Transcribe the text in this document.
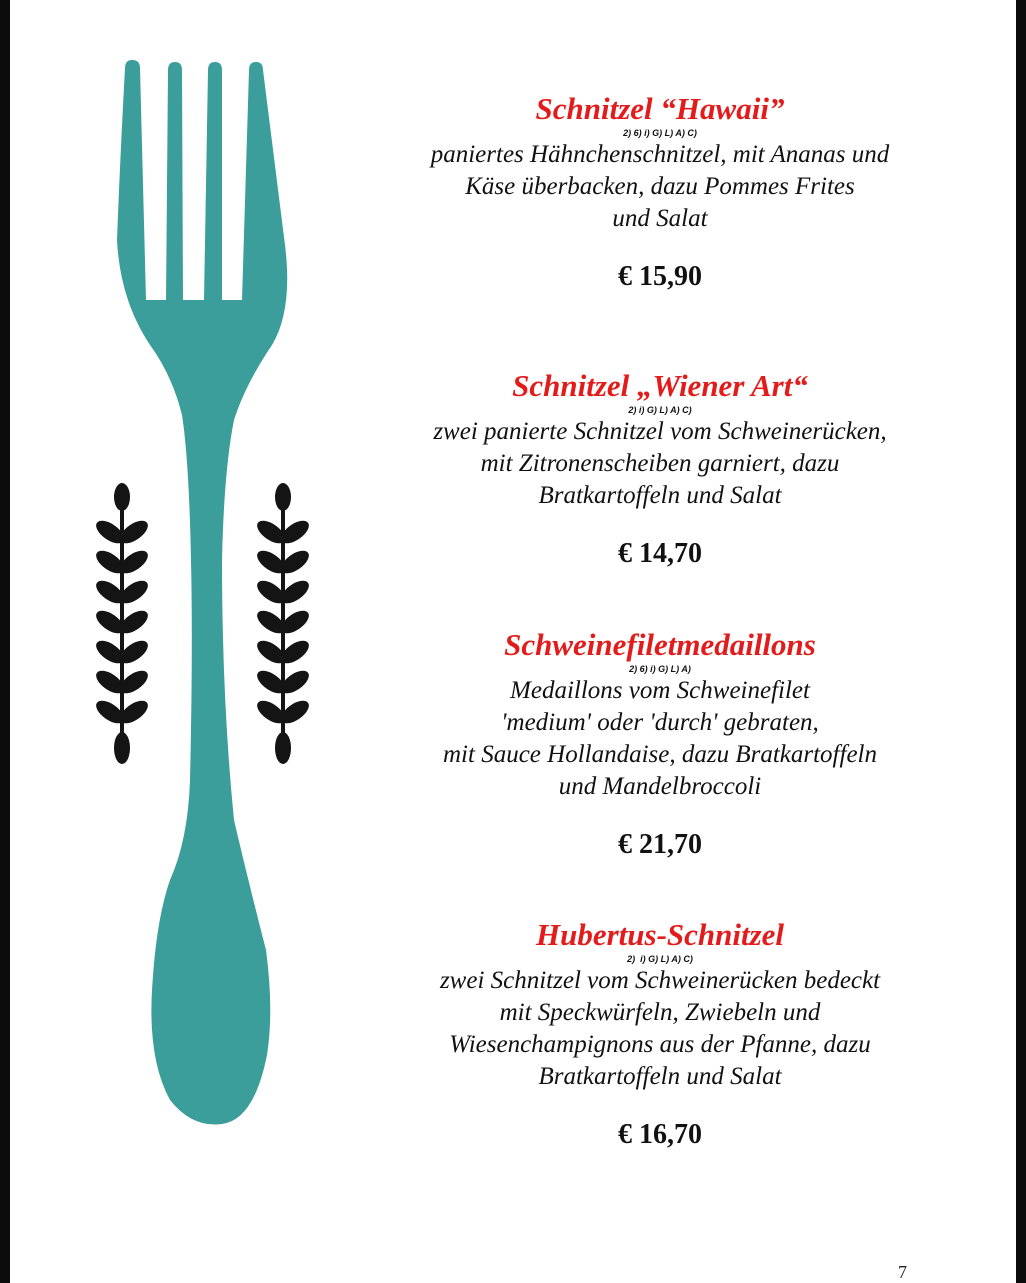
Schnitzel “Hawaii”
2) 6) i) G) L) A) C)
paniertes Hähnchenschnitzel, mit Ananas und
Käse überbacken, dazu Pommes Frites
und Salat
€ 15,90
Schnitzel „Wiener Art“
2) i) G) L) A) C)
zwei panierte Schnitzel vom Schweinerücken,
mit Zitronenscheiben garniert, dazu
Bratkartoffeln und Salat
€ 14,70
Schweinefiletmedaillons
2) 6) i) G) L) A)
Medaillons vom Schweinefilet
'medium' oder 'durch' gebraten,
mit Sauce Hollandaise, dazu Bratkartoffeln
und Mandelbroccoli
€ 21,70
Hubertus-Schnitzel
2)  i) G) L) A) C)
zwei Schnitzel vom Schweinerücken bedeckt
mit Speckwürfeln, Zwiebeln und
Wiesenchampignons aus der Pfanne, dazu
Bratkartoffeln und Salat
€ 16,70
7
